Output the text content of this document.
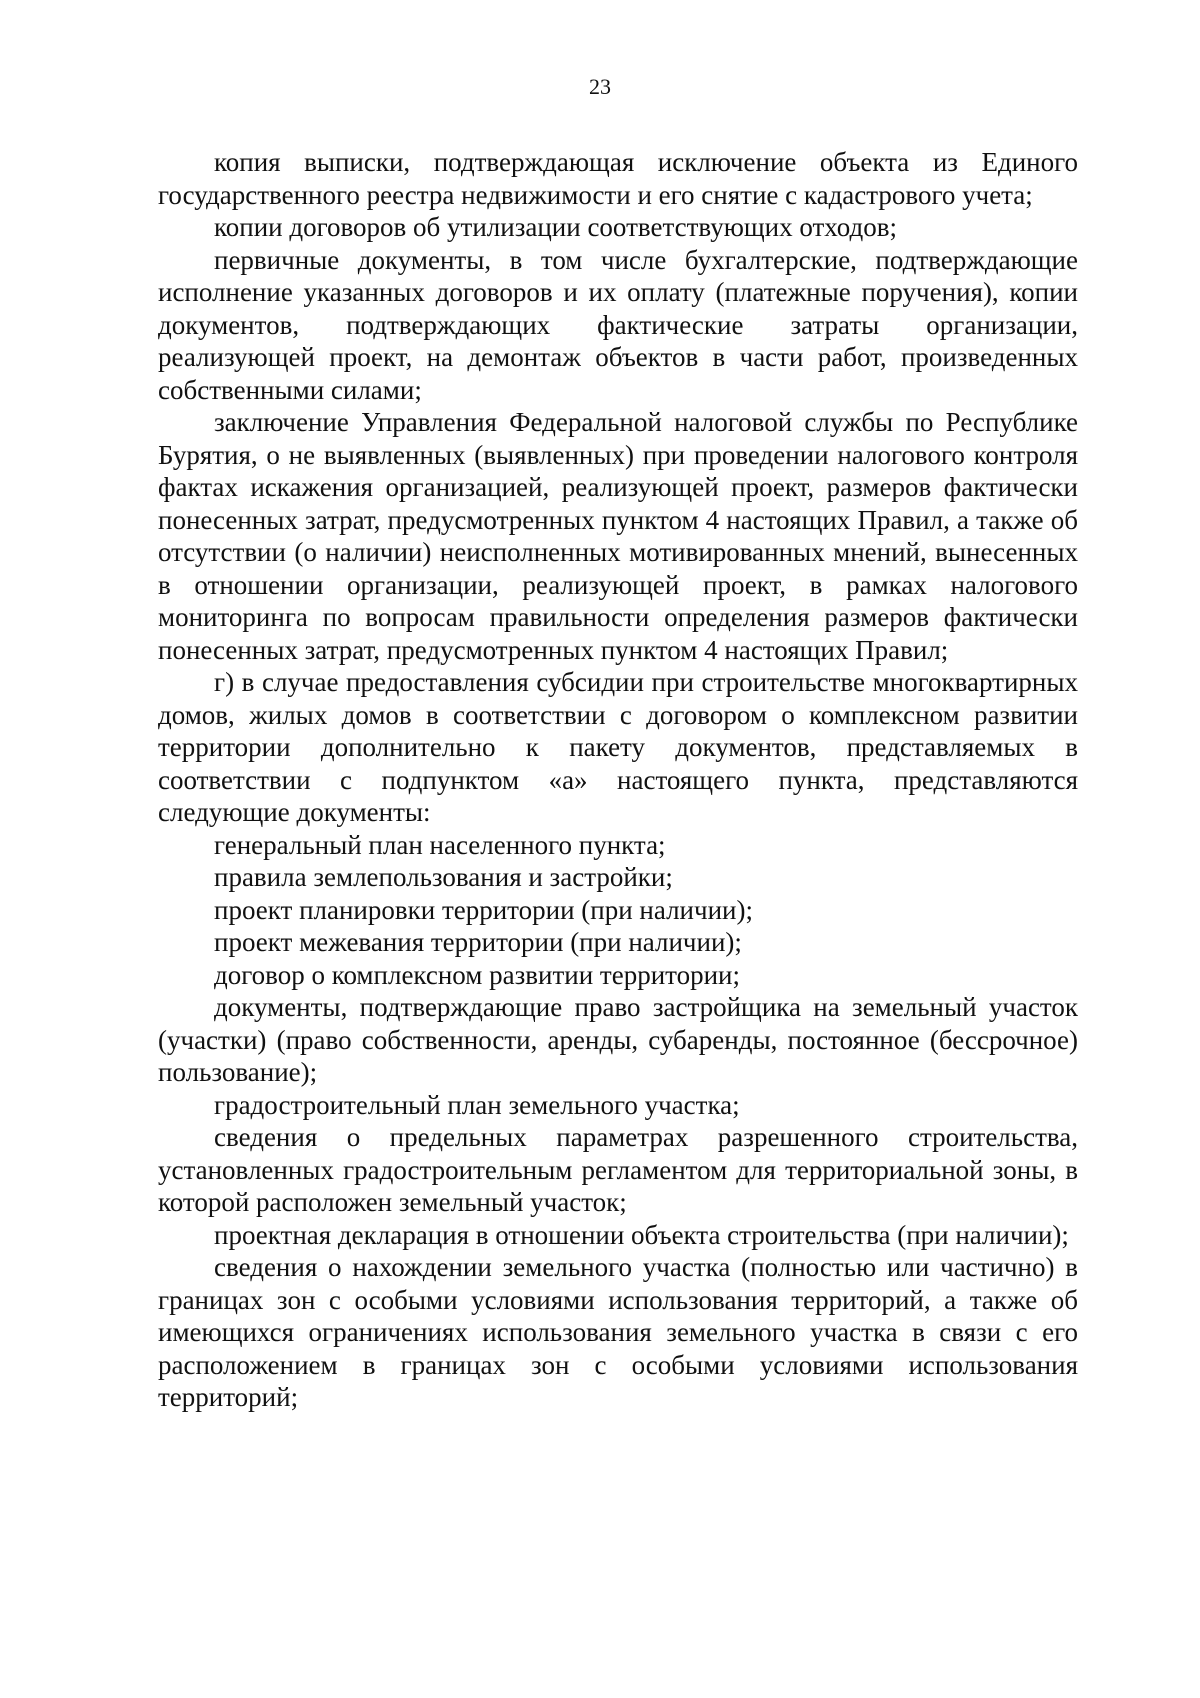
23

копия выписки, подтверждающая исключение объекта из Единого государственного реестра недвижимости и его снятие с кадастрового учета;

копии договоров об утилизации соответствующих отходов;

первичные документы, в том числе бухгалтерские, подтверждающие исполнение указанных договоров и их оплату (платежные поручения), копии документов, подтверждающих фактические затраты организации, реализующей проект, на демонтаж объектов в части работ, произведенных собственными силами;

заключение Управления Федеральной налоговой службы по Республике Бурятия, о не выявленных (выявленных) при проведении налогового контроля фактах искажения организацией, реализующей проект, размеров фактически понесенных затрат, предусмотренных пунктом 4 настоящих Правил, а также об отсутствии (о наличии) неисполненных мотивированных мнений, вынесенных в отношении организации, реализующей проект, в рамках налогового мониторинга по вопросам правильности определения размеров фактически понесенных затрат, предусмотренных пунктом 4 настоящих Правил;

г) в случае предоставления субсидии при строительстве многоквартирных домов, жилых домов в соответствии с договором о комплексном развитии территории дополнительно к пакету документов, представляемых в соответствии с подпунктом «а» настоящего пункта, представляются следующие документы:

генеральный план населенного пункта;

правила землепользования и застройки;

проект планировки территории (при наличии);

проект межевания территории (при наличии);

договор о комплексном развитии территории;

документы, подтверждающие право застройщика на земельный участок (участки) (право собственности, аренды, субаренды, постоянное (бессрочное) пользование);

градостроительный план земельного участка;

сведения о предельных параметрах разрешенного строительства, установленных градостроительным регламентом для территориальной зоны, в которой расположен земельный участок;

проектная декларация в отношении объекта строительства (при наличии);

сведения о нахождении земельного участка (полностью или частично) в границах зон с особыми условиями использования территорий, а также об имеющихся ограничениях использования земельного участка в связи с его расположением в границах зон с особыми условиями использования территорий;
